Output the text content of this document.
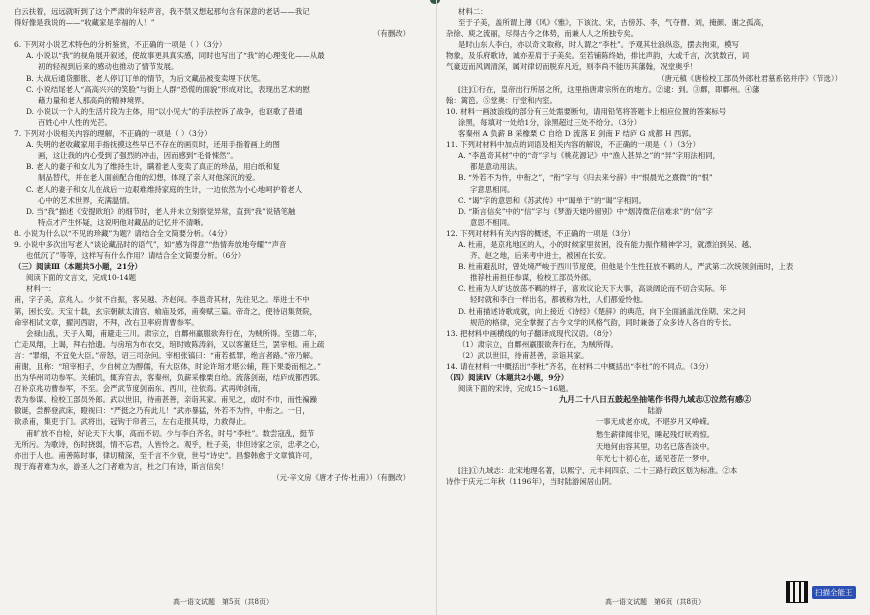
白云扶着，远远就听到了这个严肃的年轻声音，我不禁又想起那句含有深意的老话——我记
得好像是我说的——“收藏家是幸福的人！”
（有删改）
6. 下列对小说艺术特色的分析鉴赏，不正确的一项是（ ）（3分）
A. 小说以“我”的视角展开叙述，使故事更具真实感，同时也写出了“我”的心理变化——从最
初的轻视到后来的感动也推动了情节发展。
B. 大战后通货膨胀、老人停订订单的情节，为后文藏品被变卖埋下伏笔。
C. 小说结尾老人“高高兴兴的笑脸”与街上人群“恐慌的面貌”形成对比，表现出艺术的慰
藉力量和老人那高尚的精神境界。
D. 小说以一个人的生活片段为主体，用“以小见大”的手法控诉了战争，也讴歌了普通
百姓心中人性的光芒。
7. 下列对小说相关内容的理解，不正确的一项是（ ）（3分）
A. 失明的老收藏家用手指抚摸这些早已不存在的画页时，还用手指着画上的图
画，这让我的内心受到了强烈的冲击，因而感到“毛骨悚然”。
B. 老人的妻子和女儿为了维持生计，瞒着老人变卖了真正的珍品，用白纸和复
制品替代，并在老人面前配合他的幻想，体现了亲人对他深沉的爱。
C. 老人的妻子和女儿在战后一边艰难维持家庭的生计，一边依然为小心地呵护着老人
心中的艺术世界，充满温情。
D. 当“我”描述《安提欧珀》的细节时，老人并未立刻察觉异常，直到“我”说错笔触
特点才产生怀疑，这说明他对藏品的记忆并不清晰。
8. 小说为什么以“不见的珍藏”为题？请结合全文简要分析。（4分）
9. 小说中多次出写老人“谈论藏品时的语气”，如“感为得意”“热情奔放地夸耀”“声音
也低沉了”等等，这样写有什么作用？请结合全文简要分析。（6分）
（三）阅读Ⅲ（本题共5小题，21分）
阅读下面的文言文，完成10-14题
材料一：
甫，字子美，京兆人。少贫不自振，客吴越、齐赵间。李邕奇其材，先往见之。举进士不中
第，困长安。天宝十载，玄宗朝献太清宫、飨庙及郊，甫奏赋三篇。帝奇之，使待诏集贤院，
命宰相试文章，擢河西尉，不拜，改右卫率府胄曹参军。
会禄山乱，天子入蜀，甫避走三川。肃宗立，自鄜州羸服欲奔行在，为贼所得。至德二年，
亡走凤翔，上谒，拜右拾遗。与房琯为布衣交，琯时败陈涛斜，又以客董廷兰，罢宰相。甫上疏
言：“罪细，不宜免大臣。”帝怒，诏三司杂问。宰相张镐曰：“甫若抵罪，绝言者路。”帝乃解。
甫谢，且称：“琯宰相子，少自树立为醇儒，有大臣体，时论许琯才堪公辅，陛下果委而相之。”
出为华州司功参军。关辅饥，辄弃官去，客秦州，负薪采橡栗自给。流落剑南，结庐成都西郭。
召补京兆功曹参军，不至。会严武节度剑南东、西川，往依焉。武再帅剑南，
表为参谋、检校工部员外郎。武以世旧，待甫甚善，亲诣其家。甫见之，或时不巾，而性褊躁
傲诞，尝醉登武床，瞪视曰：“严挺之乃有此儿！”武亦暴猛，外若不为忤，中衔之。一日，
欲杀甫，集吏于门。武将出，冠钩于帘者三，左右走报其母，力救得止。
甫旷放不自检，好论天下大事，高而不切。少与李白齐名，时号“李杜”。数尝寇乱，挺节
无所污。为歌诗，伤时挠弱，情不忘君，人皆怜之。观乎，杜子美，非但诗家之宗，忠孝之心，
亦出于人也。甫善陈时事，律切精深，至千言不少衰，世号“诗史”。昌黎韩愈于文章慎许可，
现于海者难为水，游圣人之门者难为言，杜之门有诗，斯言信矣！
（元·辛文房《唐才子传·杜甫》）（有删改）
高一语文试题　第5页（共8页）
材料二：
至于子美，盖所谓上薄《风》《雅》，下该沈、宋，古傍苏、李，气夺曹、刘，掩颜、谢之孤高，
杂徐、庾之流丽，尽得古今之体势，而兼人人之所独专矣。
是时山东人李白，亦以奇文取称，时人谓之“李杜”。予观其壮浪纵恣，摆去拘束，模写
物象，及乐府歌诗，诚亦差肩于子美矣。至若铺陈终始，排比声韵，大或千言，次犹数百，词
气豪迈而风调清深，属对律切而脱弃凡近，则李尚不能历其藩翰，况堂奥乎！
（唐元稹《唐检校工部员外郎杜君墓系铭并序》（节选））
[注]①行在，皇帝出行所居之所，这里指唐肃宗所在的地方。②逮：到。③鄜，即鄜州。④藩
翰：篱笆。⑤堂奥：厅堂和内室。
10. 材料一画波浪线的部分有三处需要断句，请用铅笔将答题卡上相应位置的答案标号
涂黑，每填对一处给1分，涂黑超过三处不给分。（3分）
客秦州 A 负薪 B 采橡栗 C 自给 D 流落 E 剑南 F 结庐 G 成都 H 西郭。
11. 下列对材料中加点的词语及相关内容的解说，不正确的一项是（ ）（3分）
A. “李邕奇其材”中的“奇”字与《桃花源记》中“渔人甚异之”的“异”字用法相同，
都是意动用法。
B. “外若不为忤，中衔之”，“衔”字与《归去来兮辞》中“恨晨光之熹微”的“恨”
字意思相同。
C. “谒”字的意思和《苏武传》中“谒单于”的“谒”字相同。
D. “斯言信矣”中的“信”字与《梦游天姥吟留别》中“烟涛微茫信难求”的“信”字
意思不相同。
12. 下列对材料有关内容的概述，不正确的一项是（3分）
A. 杜甫，是京兆地区的人，小的时候家里贫困，没有能力振作精神学习，就漂泊到吴、越、
齐、赵之地，后来考中进士，被困在长安。
B. 杜甫避乱时，曾处境严峻于西川节度使，但他是个生性狂放不羁的人，严武第二次统领剑南时，上表
推荐杜甫担任参谋，检校工部员外郎。
C. 杜甫为人旷达放荡不羁的样子，喜欢议论天下大事，高谈阔论而不切合实际。年
轻时就和李白一样出名，都被称为杜，人们都爱怜他。
D. 杜甫描述诗歌成就，向上接近《诗经》《楚辞》的典范，向下全面涵盖沈佺期、宋之问
规范的格律，完全掌握了古今文学的风格气韵，同时兼备了众多诗人各自的专长。
13. 把材料中画横线的句子翻译成现代汉语。（8分）
（1）肃宗立，自鄜州羸服欲奔行在，为贼所得。
（2）武以世旧，待甫甚善，亲诣其家。
14. 请在材料一中概括出“李杜”齐名，在材料二中概括出“李杜”的不同点。（3分）
（四）阅读Ⅳ（本题共2小题，9分）
阅读下面的宋诗，完成15～16题。
九月二十八日五鼓起坐抽笔作书得九域志①泣然有感②
陆游
一事无成老亦成，不堪岁月又峥嵘。
愁生薪律闻非见，睡起残灯吠鸡惊。
天地何由容其里，功名已落杳淡中。
年光七十初心在，遥见苍茫一梦中。
[注]①九域志：北宋地理名著，以熙宁、元丰间四京、二十三路行政区划为标准。②本
诗作于庆元二年秋（1196年），当时陆游闲居山阴。
高一语文试题　第6页（共8页）
扫描全能王
